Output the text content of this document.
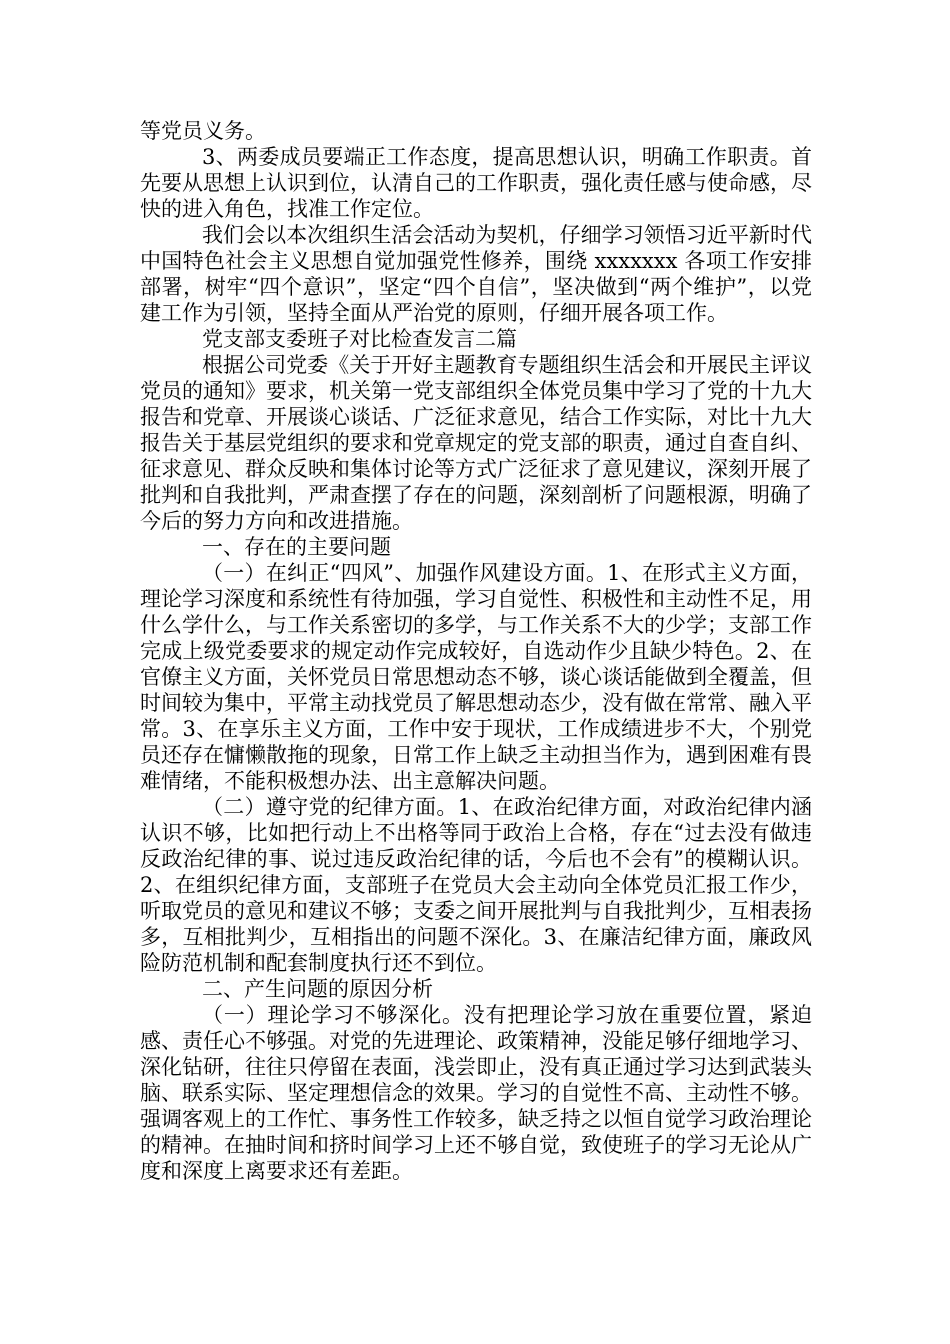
等党员义务。

3、两委成员要端正工作态度，提高思想认识，明确工作职责。首先要从思想上认识到位，认清自己的工作职责，强化责任感与使命感，尽快的进入角色，找准工作定位。

我们会以本次组织生活会活动为契机，仔细学习领悟习近平新时代中国特色社会主义思想自觉加强党性修养，围绕 xxxxxxx 各项工作安排部署，树牢“四个意识”，坚定“四个自信”，坚决做到“两个维护”，以党建工作为引领，坚持全面从严治党的原则，仔细开展各项工作。

党支部支委班子对比检查发言二篇

根据公司党委《关于开好主题教育专题组织生活会和开展民主评议党员的通知》要求，机关第一党支部组织全体党员集中学习了党的十九大报告和党章、开展谈心谈话、广泛征求意见，结合工作实际，对比十九大报告关于基层党组织的要求和党章规定的党支部的职责，通过自查自纠、征求意见、群众反映和集体讨论等方式广泛征求了意见建议，深刻开展了批判和自我批判，严肃查摆了存在的问题，深刻剖析了问题根源，明确了今后的努力方向和改进措施。

一、存在的主要问题

（一）在纠正“四风”、加强作风建设方面。1、在形式主义方面，理论学习深度和系统性有待加强，学习自觉性、积极性和主动性不足，用什么学什么，与工作关系密切的多学，与工作关系不大的少学；支部工作完成上级党委要求的规定动作完成较好，自选动作少且缺少特色。2、在官僚主义方面，关怀党员日常思想动态不够，谈心谈话能做到全覆盖，但时间较为集中，平常主动找党员了解思想动态少，没有做在常常、融入平常。3、在享乐主义方面，工作中安于现状，工作成绩进步不大，个别党员还存在慵懒散拖的现象，日常工作上缺乏主动担当作为，遇到困难有畏难情绪，不能积极想办法、出主意解决问题。

（二）遵守党的纪律方面。1、在政治纪律方面，对政治纪律内涵认识不够，比如把行动上不出格等同于政治上合格，存在“过去没有做违反政治纪律的事、说过违反政治纪律的话，今后也不会有”的模糊认识。2、在组织纪律方面，支部班子在党员大会主动向全体党员汇报工作少，听取党员的意见和建议不够；支委之间开展批判与自我批判少，互相表扬多，互相批判少，互相指出的问题不深化。3、在廉洁纪律方面，廉政风险防范机制和配套制度执行还不到位。

二、产生问题的原因分析

（一）理论学习不够深化。没有把理论学习放在重要位置，紧迫感、责任心不够强。对党的先进理论、政策精神，没能足够仔细地学习、深化钻研，往往只停留在表面，浅尝即止，没有真正通过学习达到武装头脑、联系实际、坚定理想信念的效果。学习的自觉性不高、主动性不够。强调客观上的工作忙、事务性工作较多，缺乏持之以恒自觉学习政治理论的精神。在抽时间和挤时间学习上还不够自觉，致使班子的学习无论从广度和深度上离要求还有差距。
